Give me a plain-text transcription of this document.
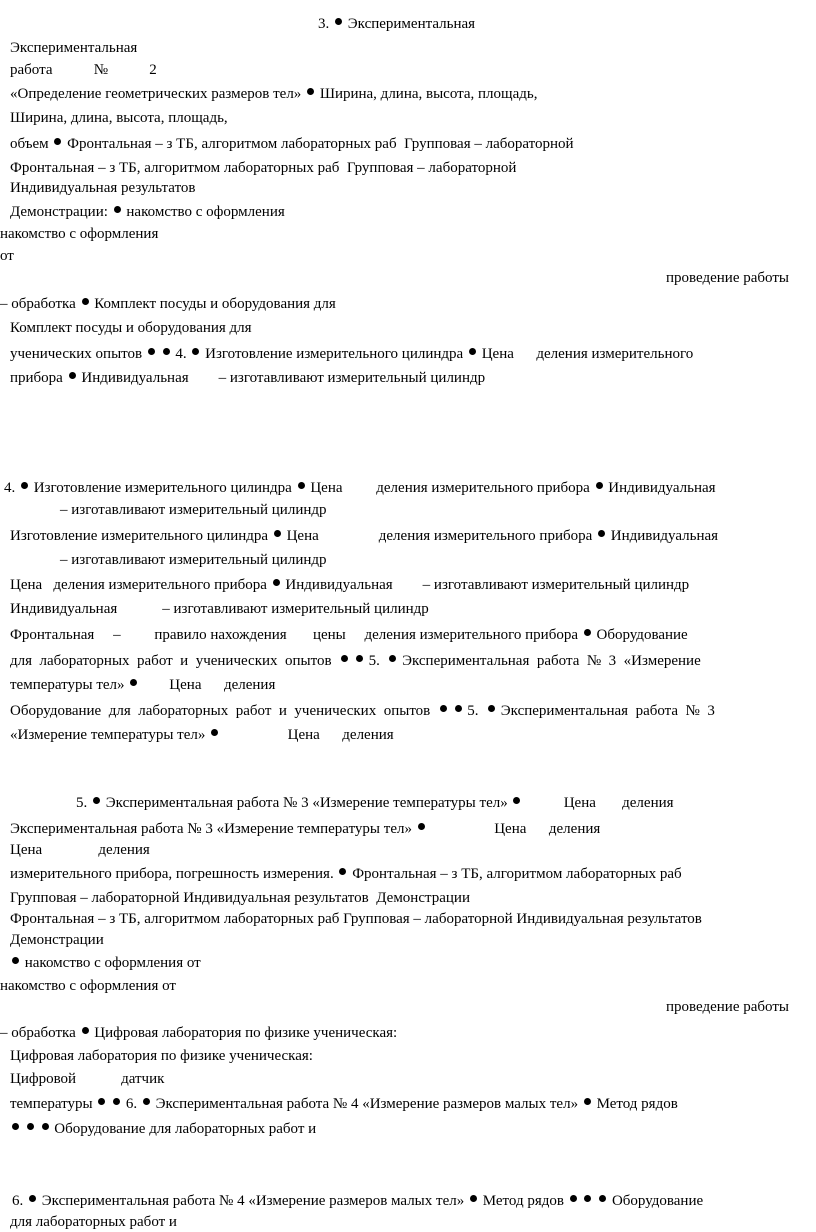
3.  Экспериментальная
Экспериментальная
работа           №           2
«Определение геометрических размеров тел»  Ширина, длина, высота, площадь,
Ширина, длина, высота, площадь,
объем  Фронтальная – з ТБ, алгоритмом лабораторных раб  Групповая – лабораторной
Фронтальная – з ТБ, алгоритмом лабораторных раб  Групповая – лабораторной
Индивидуальная результатов
Демонстрации:  накомство с оформления
накомство с оформления
от
проведение работы
– обработка  Комплект посуды и оборудования для
Комплект посуды и оборудования для
ученических опытов   4.  Изготовление измерительного цилиндра  Цена      деления измерительного
прибора  Индивидуальная        – изготавливают измерительный цилиндр
4.  Изготовление измерительного цилиндра  Цена         деления измерительного прибора  Индивидуальная
– изготавливают измерительный цилиндр
Изготовление измерительного цилиндра  Цена                деления измерительного прибора  Индивидуальная
– изготавливают измерительный цилиндр
Цена   деления измерительного прибора  Индивидуальная        – изготавливают измерительный цилиндр
Индивидуальная            – изготавливают измерительный цилиндр
Фронтальная     –         правило нахождения       цены     деления измерительного прибора  Оборудование
для  лабораторных  работ  и  ученических  опытов    5.   Экспериментальная  работа  №  3  «Измерение
температуры тел»         Цена      деления
Оборудование  для  лабораторных  работ  и  ученических  опытов    5.   Экспериментальная  работа  №  3
«Измерение температуры тел»                   Цена      деления
5.  Экспериментальная работа № 3 «Измерение температуры тел»            Цена       деления
Экспериментальная работа № 3 «Измерение температуры тел»                   Цена      деления
Цена               деления
измерительного прибора, погрешность измерения.  Фронтальная – з ТБ, алгоритмом лабораторных раб
Групповая – лабораторной Индивидуальная результатов  Демонстрации
Фронтальная – з ТБ, алгоритмом лабораторных раб Групповая – лабораторной Индивидуальная результатов
Демонстрации
накомство с оформления от
накомство с оформления от
проведение работы
– обработка  Цифровая лаборатория по физике ученическая:
Цифровая лаборатория по физике ученическая:
Цифровой            датчик
температуры   6.  Экспериментальная работа № 4 «Измерение размеров малых тел»  Метод рядов
Оборудование для лабораторных работ и
6.  Экспериментальная работа № 4 «Измерение размеров малых тел»  Метод рядов	Оборудование
для лабораторных работ и
